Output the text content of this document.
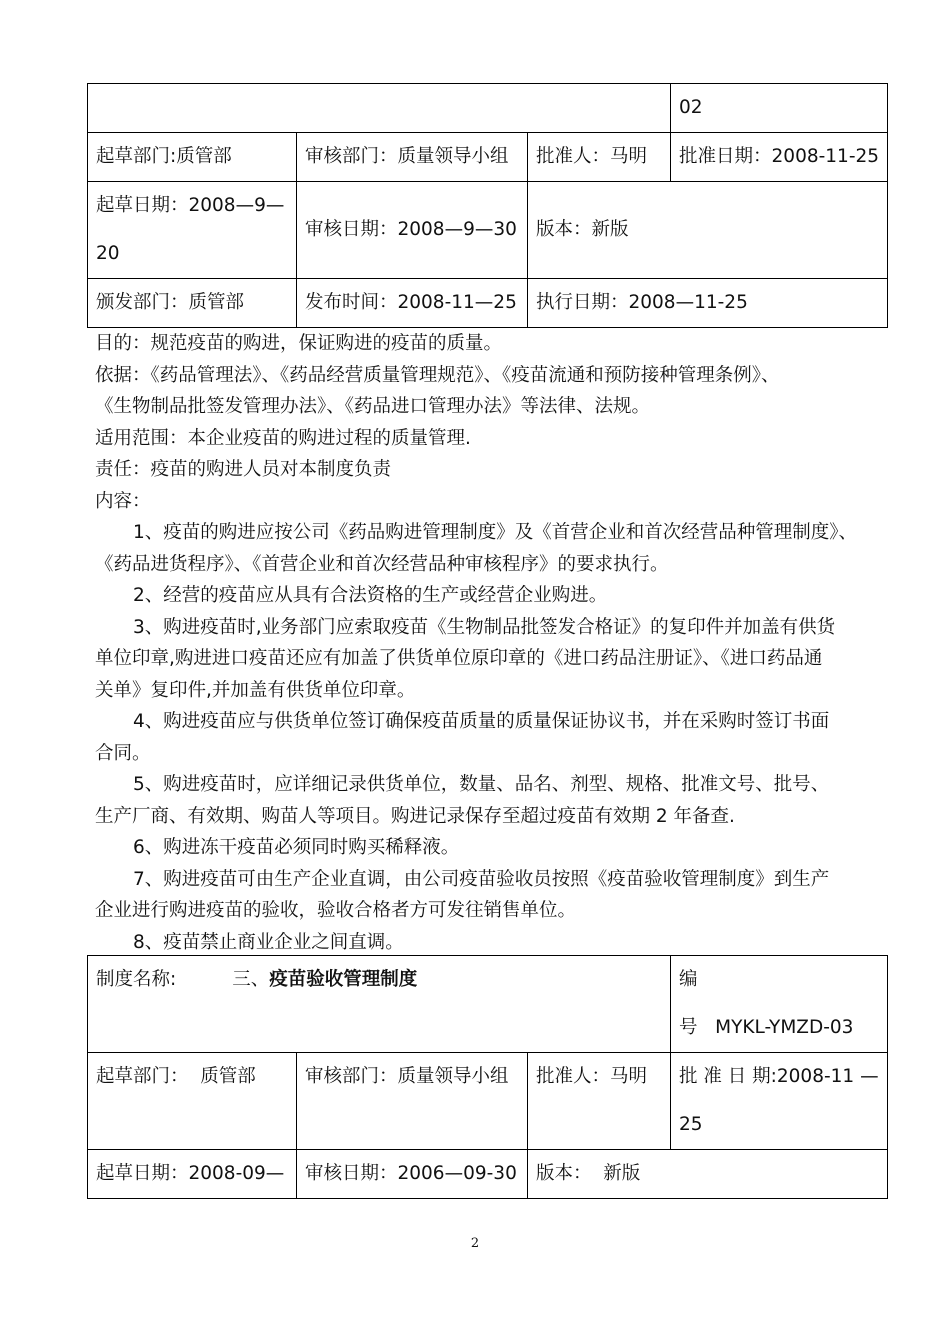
			02
起草部门:质管部	审核部门：质量领导小组	批准人：马明	批准日期：2008-11-25

起草日期：2008—9—
20	审核日期：2008—9—30	版本：新版	
颁发部门：质管部	发布时间：2008-11—25	执行日期：2008—11-25	

目的：规范疫苗的购进，保证购进的疫苗的质量。

依据：《药品管理法》、《药品经营质量管理规范》、《疫苗流通和预防接种管理条例》、

《生物制品批签发管理办法》、《药品进口管理办法》等法律、法规。

适用范围：本企业疫苗的购进过程的质量管理.

责任：疫苗的购进人员对本制度负责

内容：

1、疫苗的购进应按公司《药品购进管理制度》及《首营企业和首次经营品种管理制度》、

《药品进货程序》、《首营企业和首次经营品种审核程序》的要求执行。

2、经营的疫苗应从具有合法资格的生产或经营企业购进。

3、购进疫苗时,业务部门应索取疫苗《生物制品批签发合格证》的复印件并加盖有供货

单位印章,购进进口疫苗还应有加盖了供货单位原印章的《进口药品注册证》、《进口药品通

关单》复印件,并加盖有供货单位印章。

4、购进疫苗应与供货单位签订确保疫苗质量的质量保证协议书，并在采购时签订书面

合同。

5、购进疫苗时，应详细记录供货单位，数量、品名、剂型、规格、批准文号、批号、

生产厂商、有效期、购苗人等项目。购进记录保存至超过疫苗有效期 2 年备查.

6、购进冻干疫苗必须同时购买稀释液。

7、购进疫苗可由生产企业直调，由公司疫苗验收员按照《疫苗验收管理制度》到生产

企业进行购进疫苗的验收，验收合格者方可发往销售单位。

8、疫苗禁止商业企业之间直调。

制度名称: 三、疫苗验收管理制度			编
号   MYKL-YMZD-03

起草部门：  质管部	审核部门：质量领导小组	批准人：马明	批 准 日 期:2008-11 —
25

起草日期：2008-09—	审核日期：2006—09-30	版本：  新版	
2
